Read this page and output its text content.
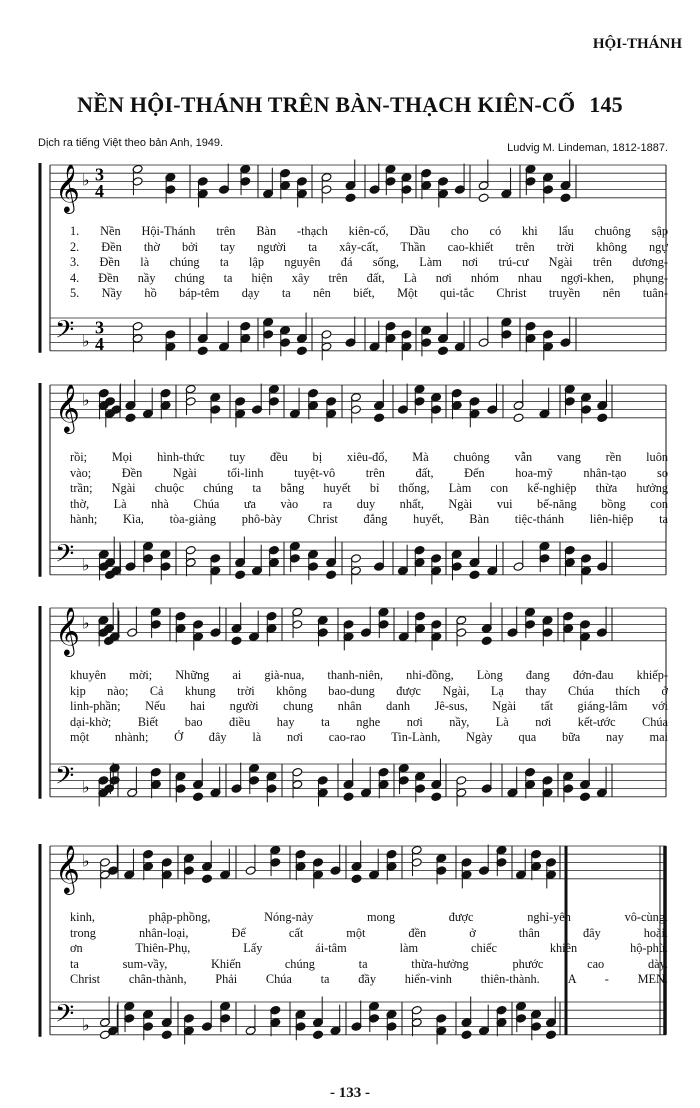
HỘI-THÁNH
NỀN HỘI-THÁNH TRÊN BÀN-THẠCH KIÊN-CỐ 145
Dịch ra tiếng Việt theo bản Anh, 1949.	Ludvig M. Lindeman, 1812-1887.
𝄞 ♭ 3
4
𝄢 ♭
3
4
𝄞 ♭
𝄢 ♭
𝄞 ♭
𝄢 ♭
𝄞 ♭
𝄢 ♭
1. Nền Hội-Thánh trên Bàn -thạch kiên-cố, Dầu cho có khi lẩu chuông sập
2. Đền thờ bởi tay người ta xây-cất, Thần cao-khiết trên trời không ngự
3. Đền là chúng ta lập nguyên đá sống, Làm nơi trú-cư Ngài trên dương-
4. Đền nầy chúng ta hiện xây trên đất, Là nơi nhóm nhau ngợi-khen, phụng-
5. Nầy hồ báp-têm dạy ta nên biết, Một qui-tắc Christ truyền nên tuân-
rồi; Mọi hình-thức tuy đều bị xiêu-đổ, Mà chuông vẫn vang rền luôn
vào; Đền Ngài tối-linh tuyệt-vô trên đất, Đến hoa-mỹ nhân-tạo so
trần; Ngài chuộc chúng ta bằng huyết bỉ thống, Làm con kế-nghiệp thừa hưởng
thờ, Là nhà Chúa ưa vào ra duy nhất, Ngài vui bế-năng bồng con
hành; Kìa, tòa-giảng phô-bày Christ đắng huyết, Bàn tiệc-thánh liên-hiệp ta
khuyên mời; Những ai già-nua, thanh-niên, nhi-đồng, Lòng đang đớn-đau khiếp-
kịp nào; Cả khung trời không bao-dung được Ngài, Lạ thay Chúa thích ở
linh-phần; Nếu hai người chung nhân danh Jê-sus, Ngài tất giáng-lâm với
dại-khờ; Biết bao điều hay ta nghe nơi nầy, Là nơi kết-ước Chúa
một nhành; Ở đây là nơi cao-rao Tin-Lành, Ngày qua bữa nay mai
kinh, phập-phồng, Nóng-nảy mong được nghỉ-yên vô-cùng.
trong nhân-loại, Để cất một đền ở thân đây hoài.
ơn Thiên-Phụ, Lấy ái-tâm làm chiếc khiên hộ-phù.
ta sum-vầy, Khiến chúng ta thừa-hưởng phước cao dày.
Christ chân-thành, Phải Chúa ta đầy hiển-vinh thiên-thành. A - MEN.
- 133 -
